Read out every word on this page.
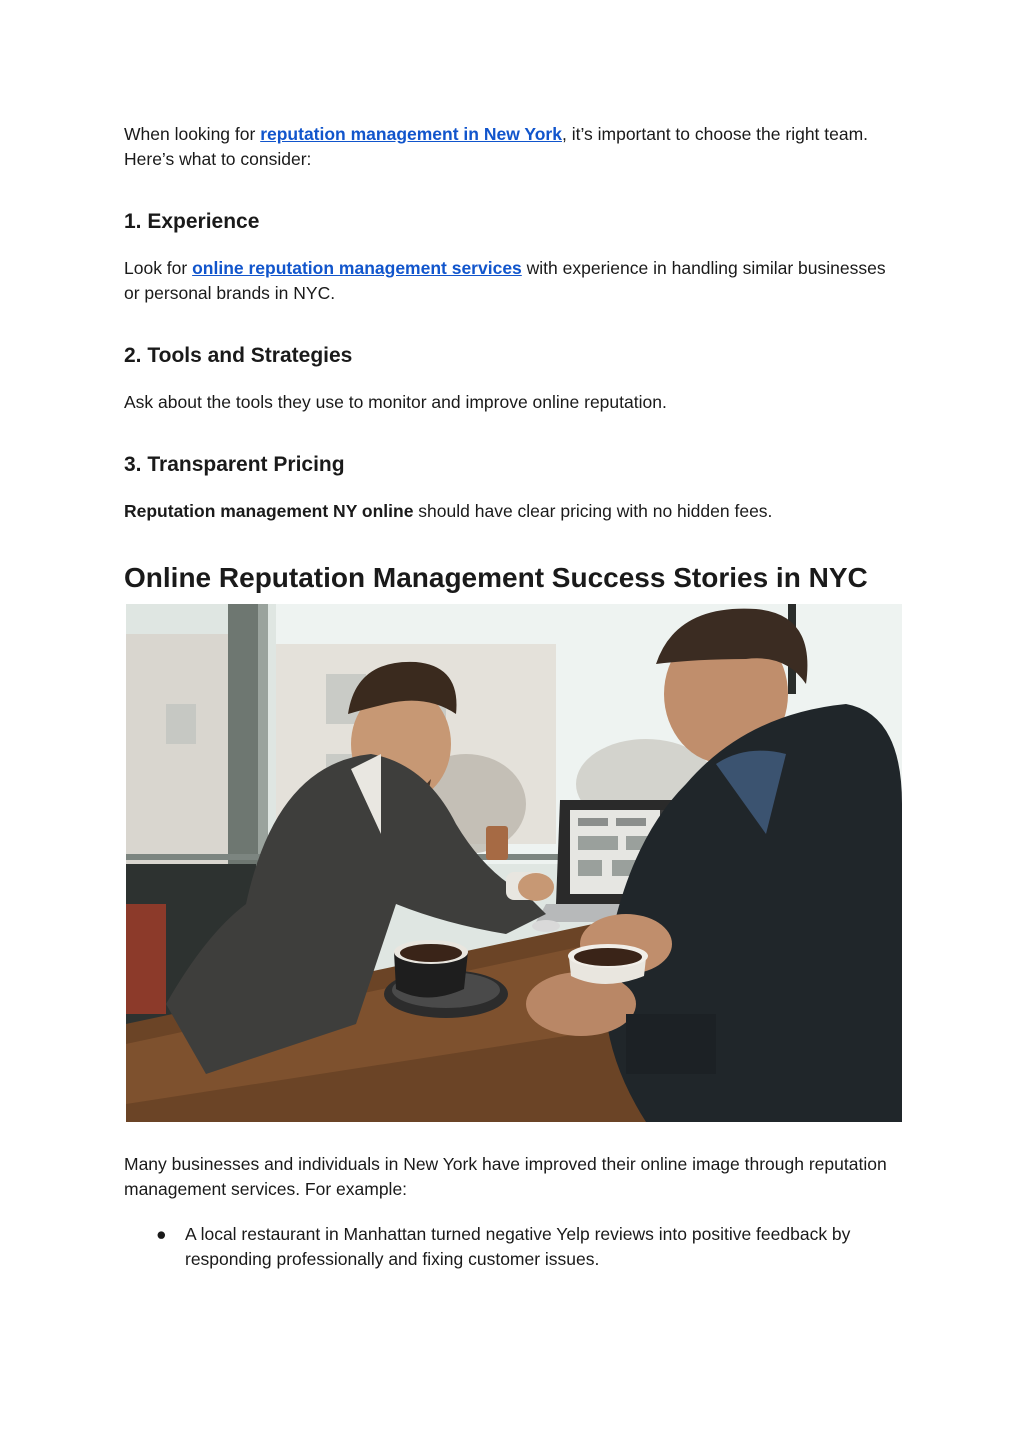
When looking for reputation management in New York, it’s important to choose the right team. Here’s what to consider:

1. Experience

Look for online reputation management services with experience in handling similar businesses or personal brands in NYC.

2. Tools and Strategies

Ask about the tools they use to monitor and improve online reputation.

3. Transparent Pricing

Reputation management NY online should have clear pricing with no hidden fees.

Online Reputation Management Success Stories in NYC

Many businesses and individuals in New York have improved their online image through reputation management services. For example:

● A local restaurant in Manhattan turned negative Yelp reviews into positive feedback by responding professionally and fixing customer issues.
